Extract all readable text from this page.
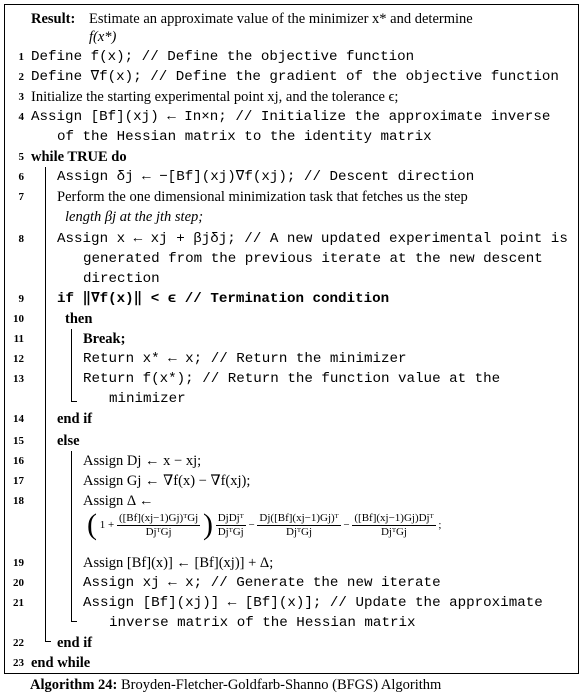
Result: Estimate an approximate value of the minimizer x* and determine
f(x*)
1 Define f(x); // Define the objective function
2 Define ∇f(x); // Define the gradient of the objective function
3 Initialize the starting experimental point xj, and the tolerance ϵ;
4 Assign [Bf](xj) ← In×n; // Initialize the approximate inverse
of the Hessian matrix to the identity matrix
5 while TRUE do
6 Assign δj ← −[Bf](xj)∇f(xj); // Descent direction
7 Perform the one dimensional minimization task that fetches us the step
length βj at the jth step;
8 Assign x ← xj + βjδj; // A new updated experimental point is
generated from the previous iterate at the new descent
direction
9 if ‖∇f(x)‖ < ϵ // Termination condition
10	then
11	Break;
12	Return x* ← x; // Return the minimizer
13	Return f(x*); // Return the function value at the
minimizer
14 end if
15 else
16	Assign Dj ← x − xj;
17	Assign Gj ← ∇f(x) − ∇f(xj);
18	Assign Δ ←
( $1 + \frac{\text{([Bf](xj−1)Gj)ᵀGj}}{\text{DjᵀGj}}$ ) $\frac{\text{DjDjᵀ}}{\text{DjᵀGj}} - \frac{\text{Dj([Bf](xj−1)Gj)ᵀ}}{\text{DjᵀGj}} - \frac{\text{([Bf](xj−1)Gj)Djᵀ}}{\text{DjᵀGj}}$ ;
19	Assign [Bf](x)] ← [Bf](xj)] + Δ;
20	Assign xj ← x; // Generate the new iterate
21	Assign [Bf](xj)] ← [Bf](x)]; // Update the approximate
inverse matrix of the Hessian matrix
22 end if
23 end while
Algorithm 24: Broyden-Fletcher-Goldfarb-Shanno (BFGS) Algorithm
